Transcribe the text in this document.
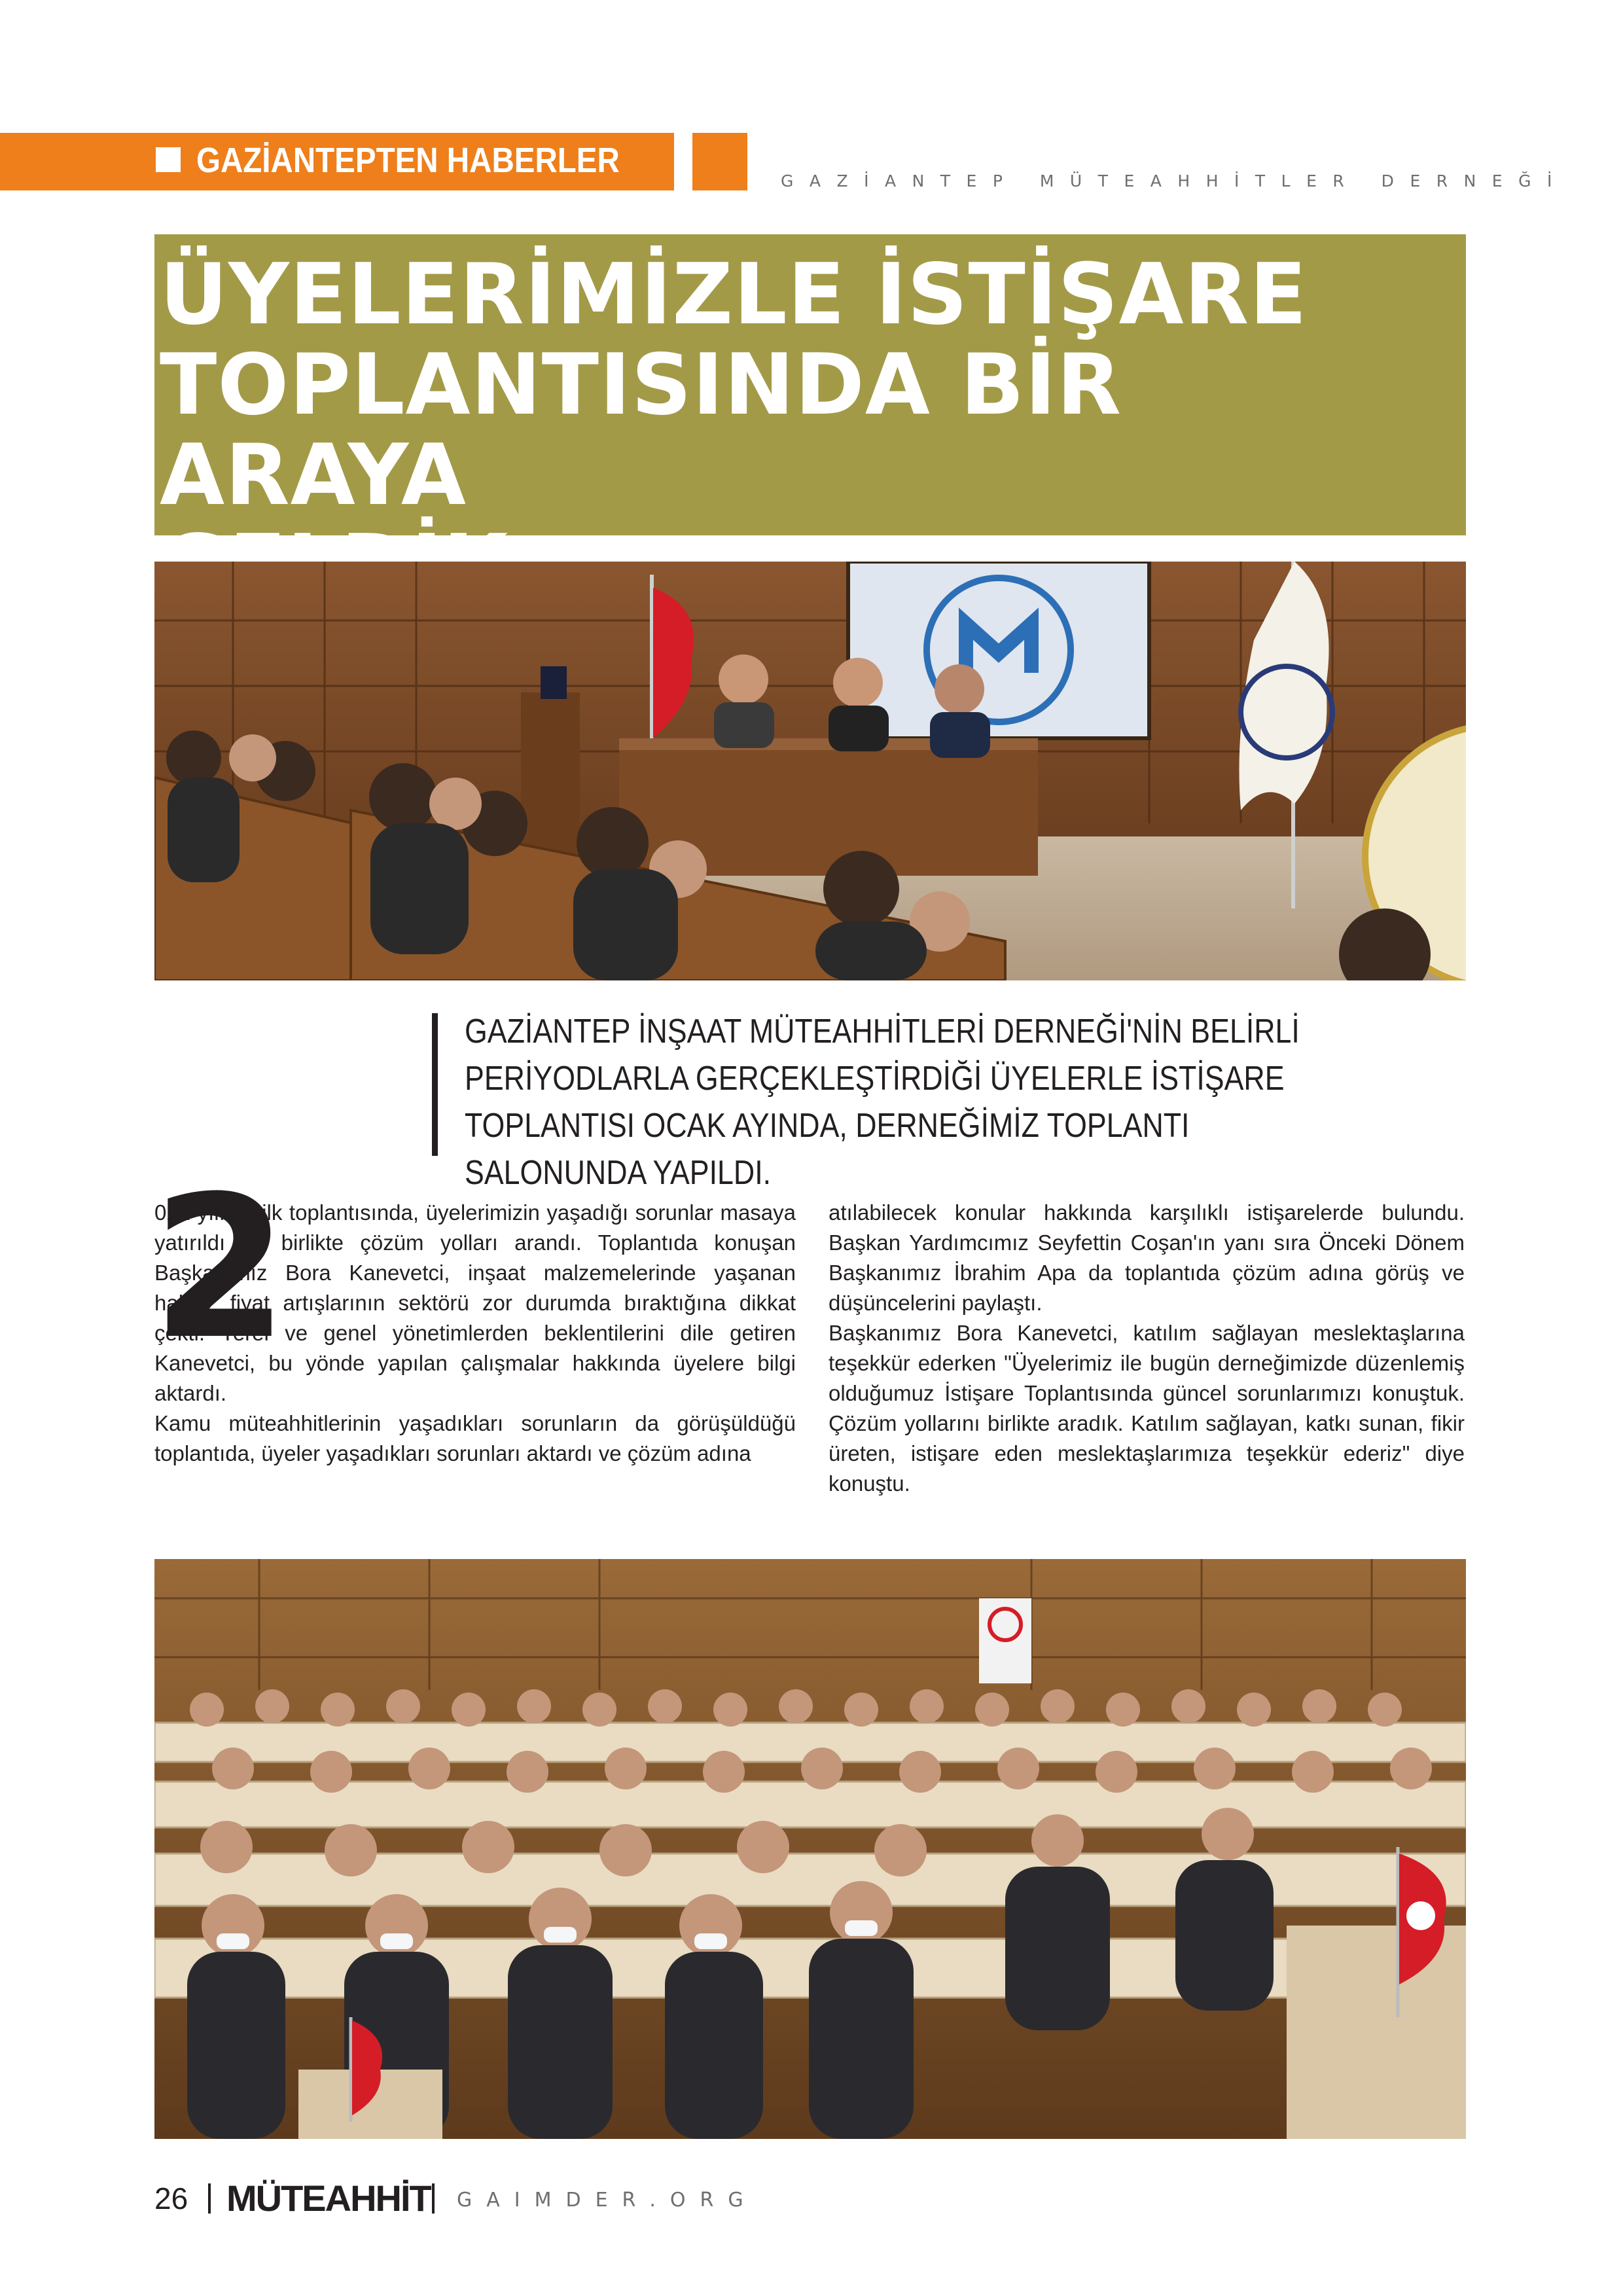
GAZİANTEPTEN HABERLER
GAZİANTEP MÜTEAHHİTLER DERNEĞİ
ÜYELERİMİZLE İSTİŞARE
TOPLANTISINDA BİR ARAYA

GAZİANTEP İNŞAAT MÜTEAHHİTLERİ DERNEĞİ'NİN BELİRLİ PERİYODLARLA GERÇEKLEŞTİRDİĞİ ÜYELERLE İSTİŞARE TOPLANTISI OCAK AYINDA, DERNEĞİMİZ TOPLANTI SALONUNDA YAPILDI.
2

022 yılının ilk toplantısında, üyelerimizin yaşadığı sorunlar masaya yatırıldı ve birlikte çözüm yolları arandı. Toplantıda konuşan Başkanımız Bora Kanevetci, inşaat malzemelerinde yaşanan haksız fiyat artışlarının sektörü zor durumda bıraktığına dikkat çekti. Yerel ve genel yönetimlerden beklentilerini dile getiren Kanevetci, bu yönde yapılan çalışmalar hakkında üyelere bilgi aktardı.

Kamu müteahhitlerinin yaşadıkları sorunların da görüşüldüğü toplantıda, üyeler yaşadıkları sorunları aktardı ve çözüm adına

atılabilecek konular hakkında karşılıklı istişarelerde bulundu. Başkan Yardımcımız Seyfettin Coşan'ın yanı sıra Önceki Dönem Başkanımız İbrahim Apa da toplantıda çözüm adına görüş ve düşüncelerini paylaştı.

Başkanımız Bora Kanevetci, katılım sağlayan meslektaşlarına teşekkür ederken "Üyelerimiz ile bugün derneğimizde düzenlemiş olduğumuz İstişare Toplantısında güncel sorunlarımızı konuştuk. Çözüm yollarını birlikte aradık. Katılım sağlayan, katkı sunan, fikir üreten, istişare eden meslektaşlarımıza teşekkür ederiz" diye konuştu.

26 MÜTEAHHİT GAIMDER.ORG
